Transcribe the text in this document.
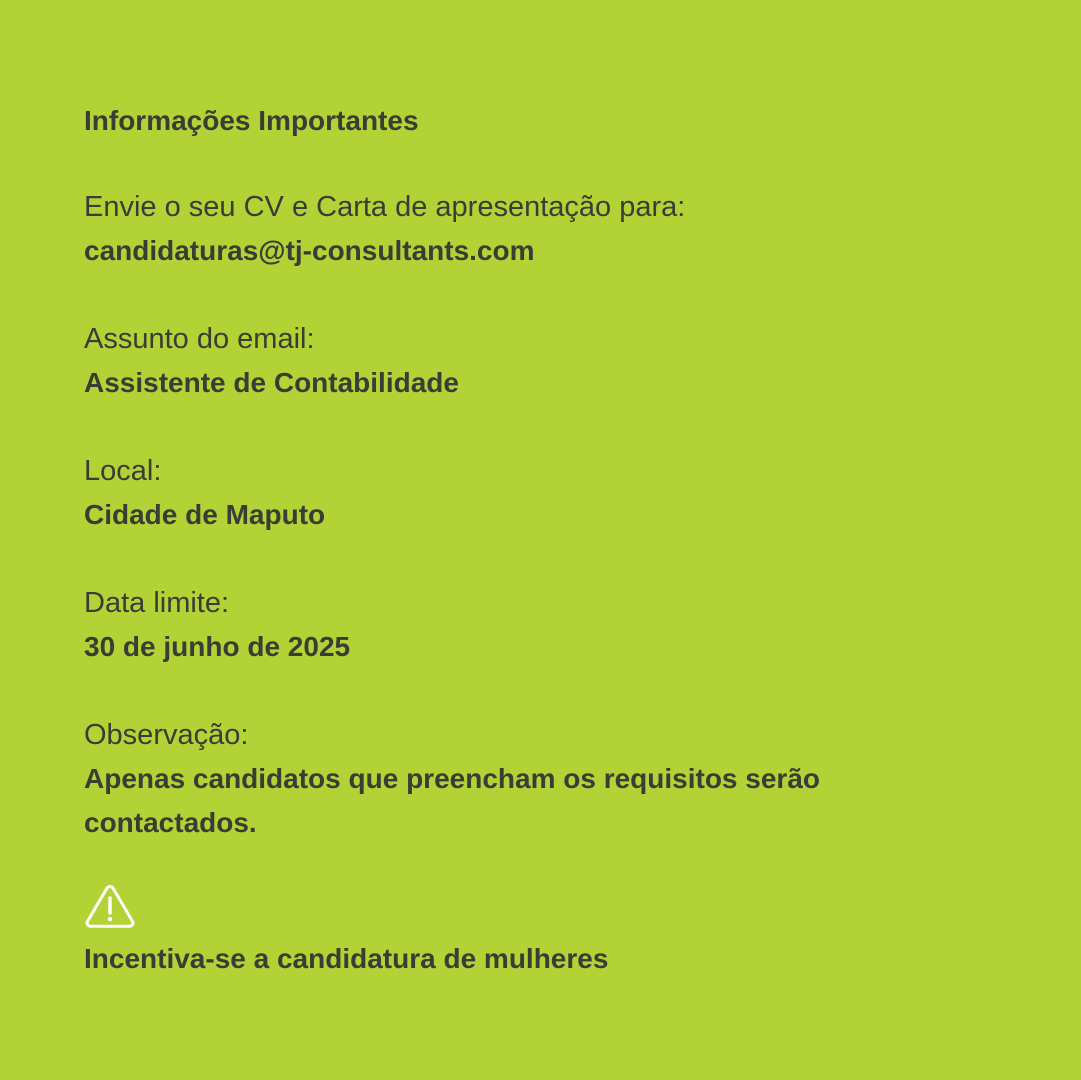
Informações Importantes
Envie o seu CV e Carta de apresentação para:
candidaturas@tj-consultants.com
Assunto do email:
Assistente de Contabilidade
Local:
Cidade de Maputo
Data limite:
30 de junho de 2025
Observação:
Apenas candidatos que preencham os requisitos serão contactados.
Incentiva-se a candidatura de mulheres
